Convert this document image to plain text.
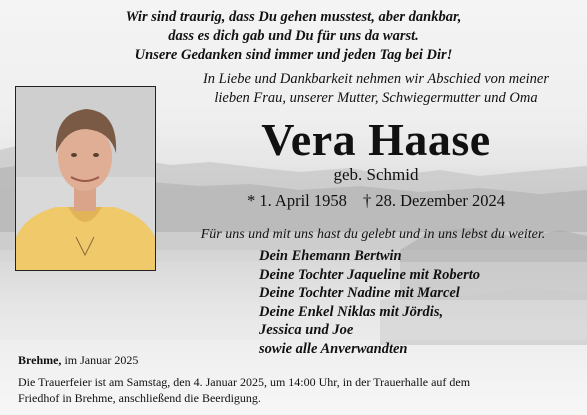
Wir sind traurig, dass Du gehen musstest, aber dankbar,
dass es dich gab und Du für uns da warst.
Unsere Gedanken sind immer und jeden Tag bei Dir!
In Liebe und Dankbarkeit nehmen wir Abschied von meiner
lieben Frau, unserer Mutter, Schwiegermutter und Oma
Vera Haase
geb. Schmid
* 1. April 1958 † 28. Dezember 2024
Für uns und mit uns hast du gelebt und in uns lebst du weiter.
Dein Ehemann Bertwin
Deine Tochter Jaqueline mit Roberto
Deine Tochter Nadine mit Marcel
Deine Enkel Niklas mit Jördis,
Jessica und Joe
sowie alle Anverwandten
Brehme, im Januar 2025
Die Trauerfeier ist am Samstag, den 4. Januar 2025, um 14:00 Uhr, in der Trauerhalle auf dem
Friedhof in Brehme, anschließend die Beerdigung.
